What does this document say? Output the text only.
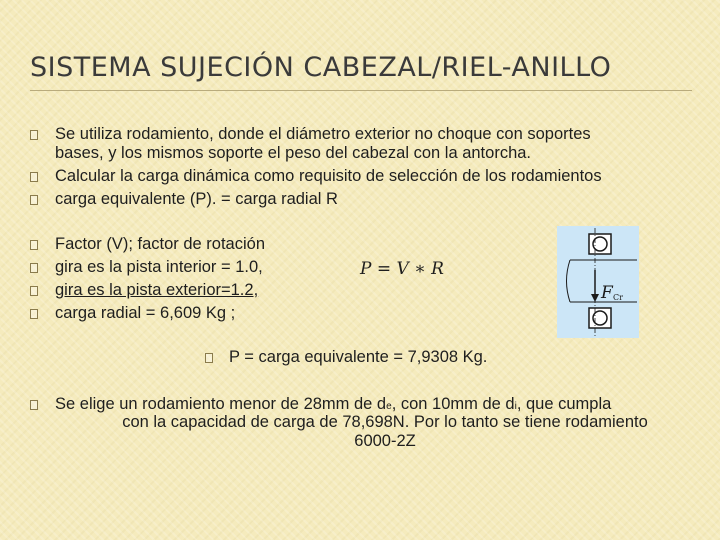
SISTEMA SUJECIÓN CABEZAL/RIEL-ANILLO
Se utiliza rodamiento, donde el diámetro exterior no choque con soportes
bases, y los mismos soporte el peso del cabezal con la antorcha.
Calcular la carga dinámica como requisito de selección de los rodamientos
carga equivalente (P). = carga radial R
Factor (V); factor de rotación
gira es la pista interior = 1.0,
gira es la pista exterior=1.2,
carga radial = 6,609 Kg ;
P = V ∗ R
F Cr
P = carga equivalente = 7,9308 Kg.
Se elige un rodamiento menor de 28mm de de, con 10mm de di, que cumpla
con la capacidad de carga de 78,698N. Por lo tanto se tiene rodamiento
6000-2Z
